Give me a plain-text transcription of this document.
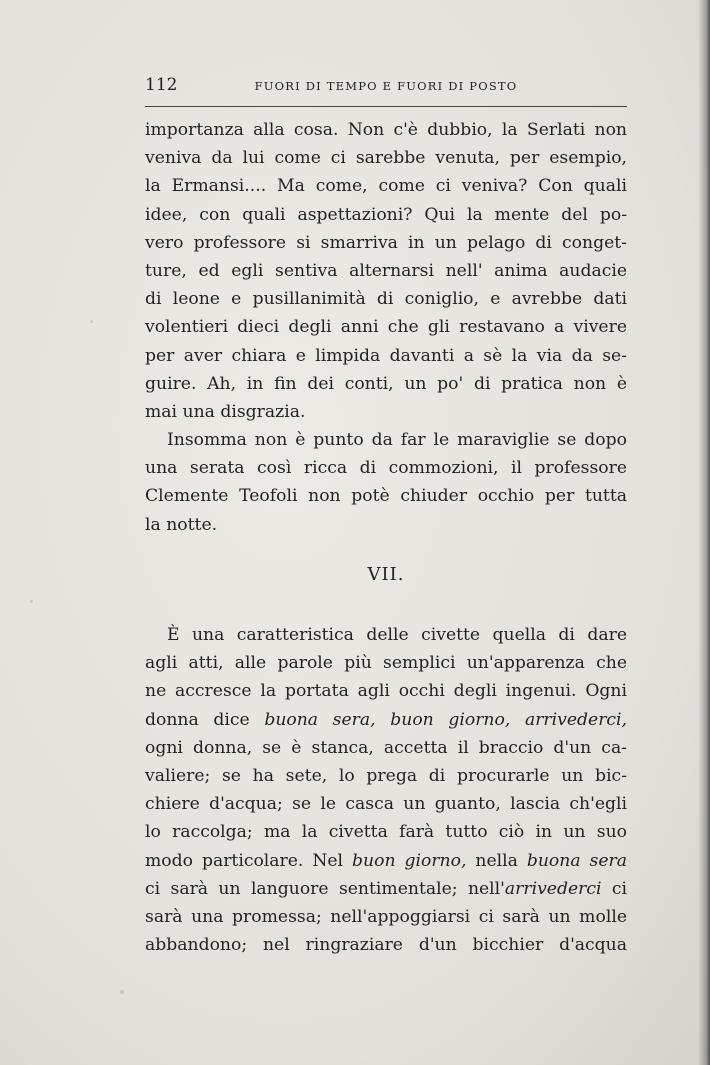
112	FUORI DI TEMPO E FUORI DI POSTO
importanza alla cosa. Non c'è dubbio, la Serlati non
veniva da lui come ci sarebbe venuta, per esempio,
la Ermansi.... Ma come, come ci veniva? Con quali
idee, con quali aspettazioni? Qui la mente del po-
vero professore si smarriva in un pelago di conget-
ture, ed egli sentiva alternarsi nell' anima audacie
di leone e pusillanimità di coniglio, e avrebbe dati
volentieri dieci degli anni che gli restavano a vivere
per aver chiara e limpida davanti a sè la via da se-
guire. Ah, in fin dei conti, un po' di pratica non è
mai una disgrazia.
Insomma non è punto da far le maraviglie se dopo
una serata così ricca di commozioni, il professore
Clemente Teofoli non potè chiuder occhio per tutta
la notte.
VII.
È una caratteristica delle civette quella di dare
agli atti, alle parole più semplici un'apparenza che
ne accresce la portata agli occhi degli ingenui. Ogni
donna dice buona sera, buon giorno, arrivederci,
ogni donna, se è stanca, accetta il braccio d'un ca-
valiere; se ha sete, lo prega di procurarle un bic-
chiere d'acqua; se le casca un guanto, lascia ch'egli
lo raccolga; ma la civetta farà tutto ciò in un suo
modo particolare. Nel buon giorno, nella buona sera
ci sarà un languore sentimentale; nell'arrivederci ci
sarà una promessa; nell'appoggiarsi ci sarà un molle
abbandono; nel ringraziare d'un bicchier d'acqua
